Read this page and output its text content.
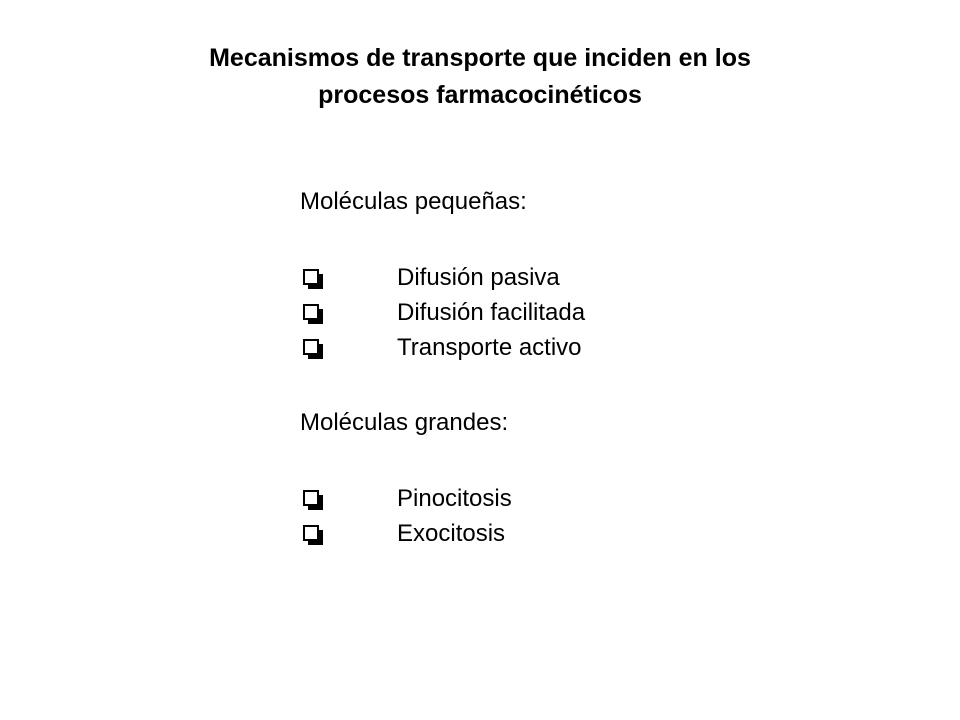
Mecanismos de transporte que inciden en los
procesos farmacocinéticos
Moléculas pequeñas:
Difusión pasiva
Difusión facilitada
Transporte activo
Moléculas grandes:
Pinocitosis
Exocitosis
